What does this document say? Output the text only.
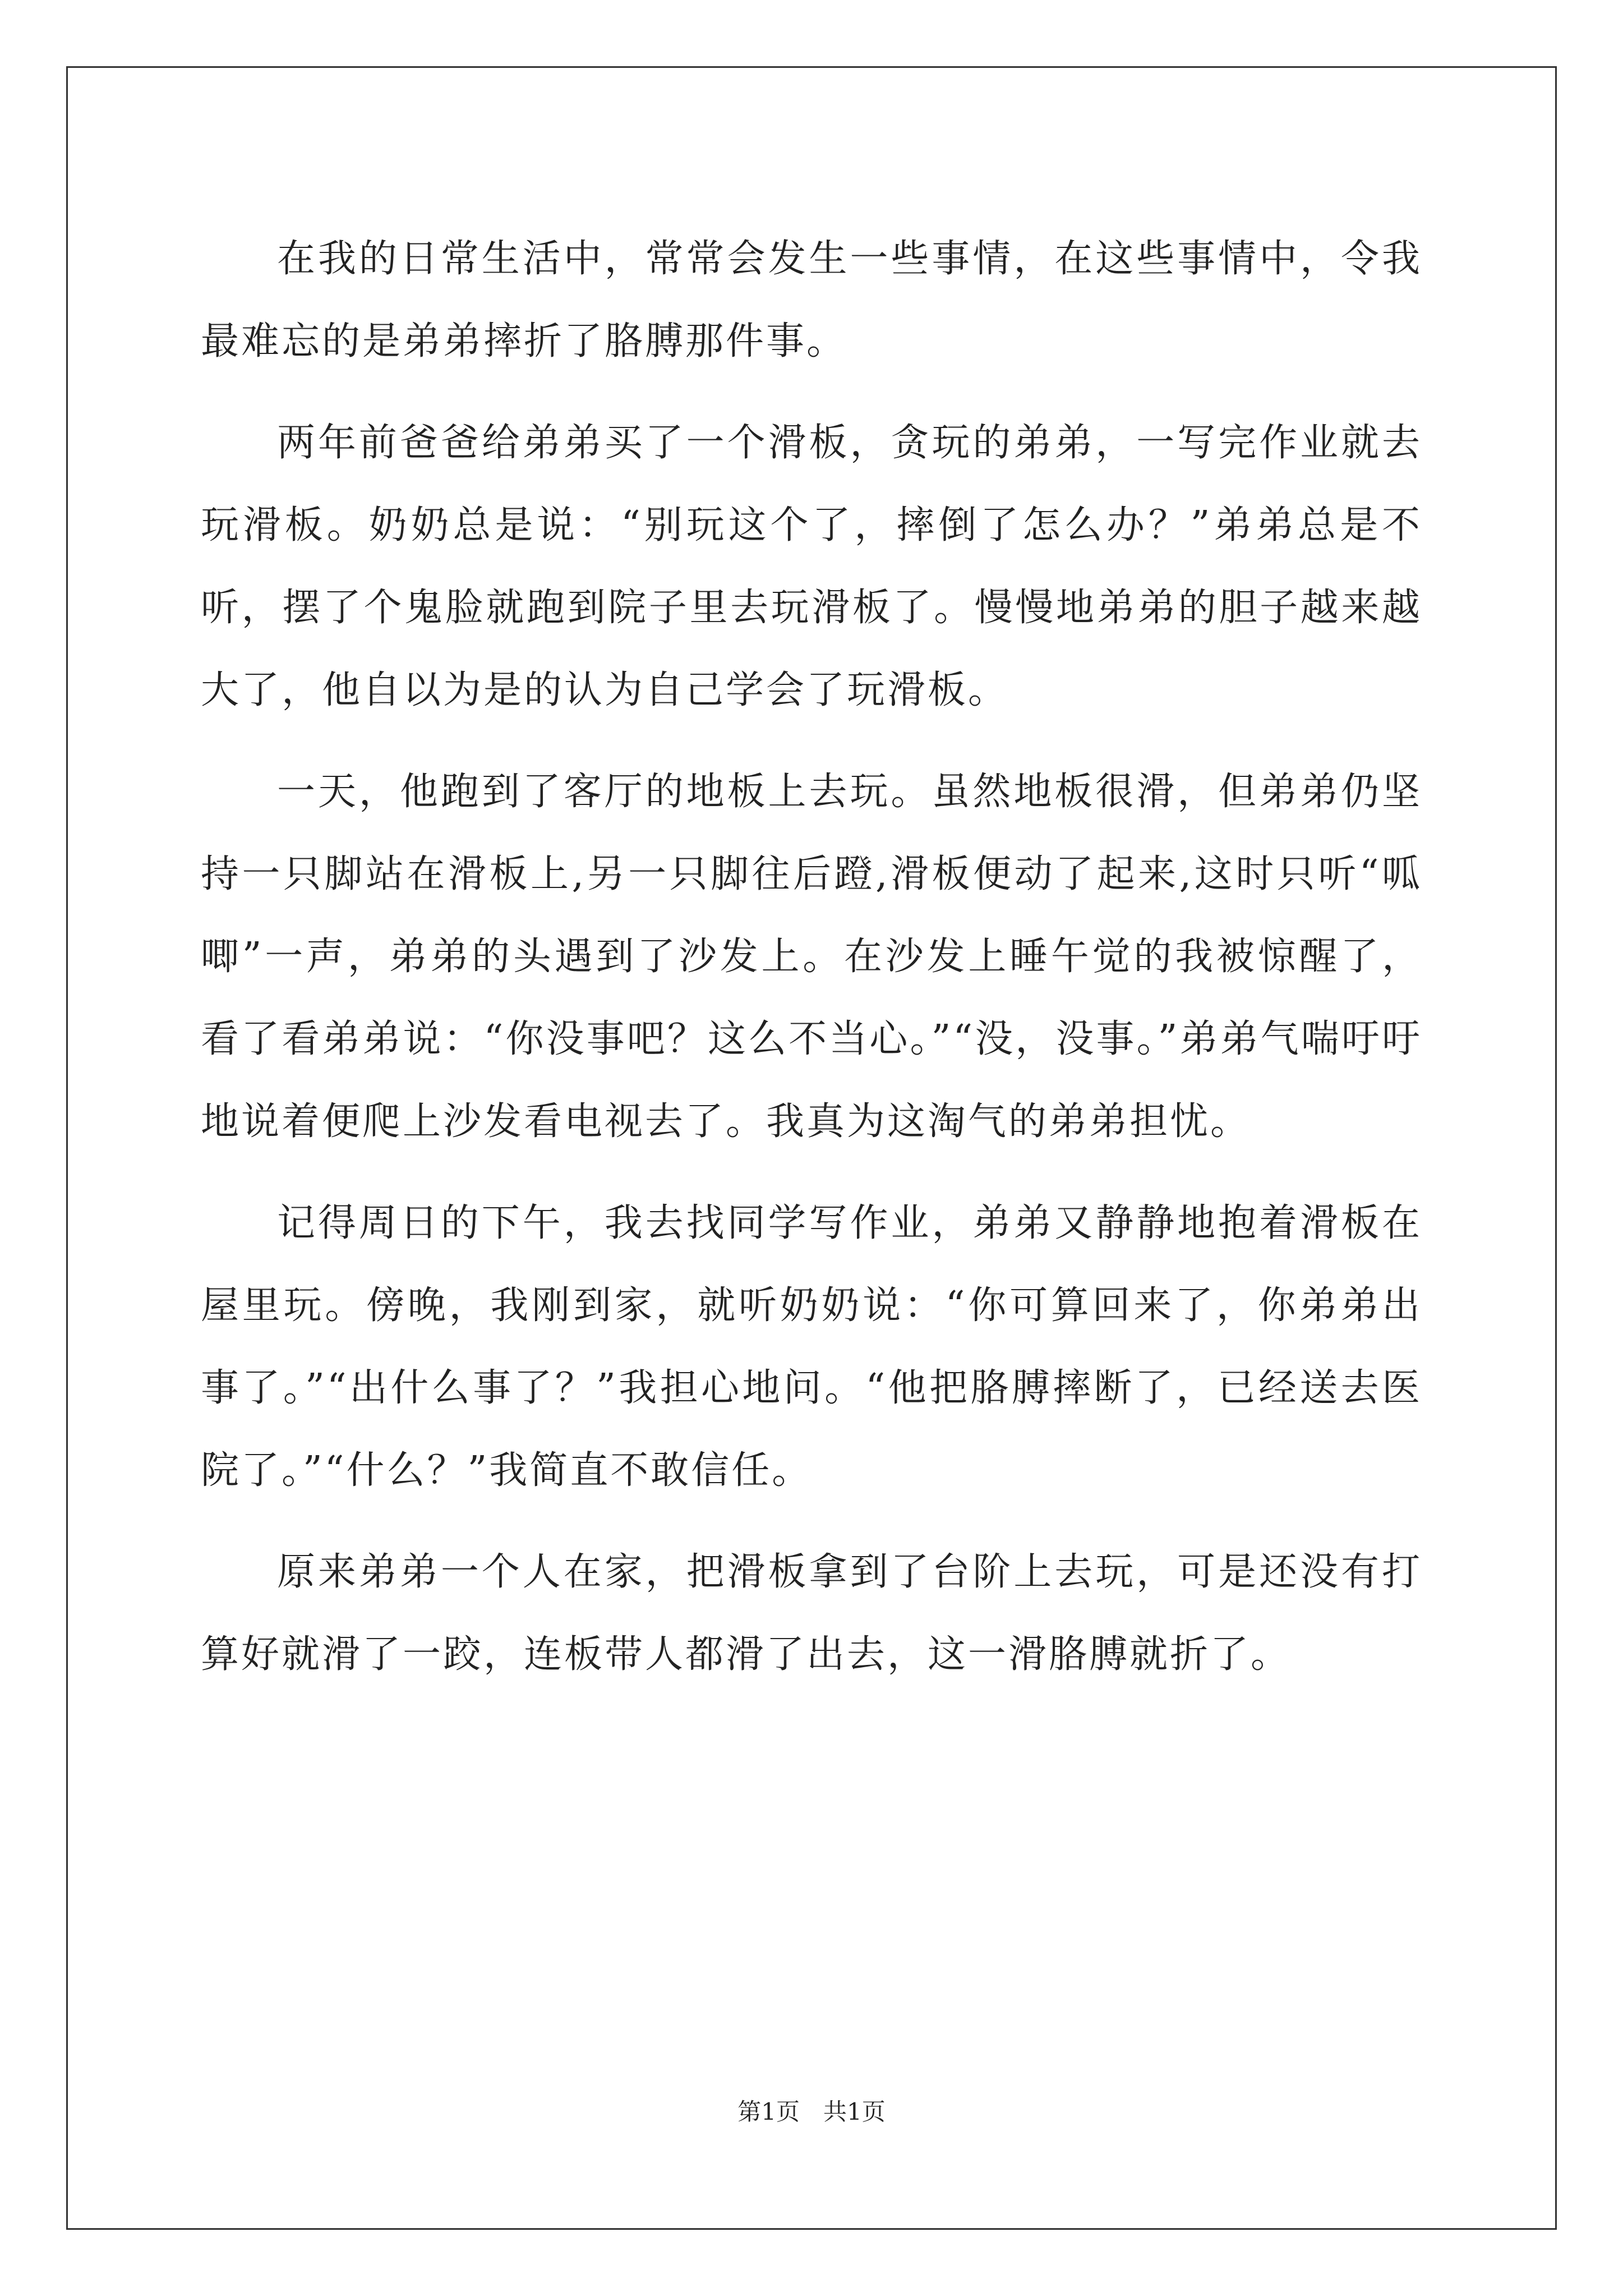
在我的日常生活中，常常会发生一些事情，在这些事情中，令我最难忘的是弟弟摔折了胳膊那件事。

两年前爸爸给弟弟买了一个滑板，贪玩的弟弟，一写完作业就去玩滑板。奶奶总是说：“别玩这个了，摔倒了怎么办？”弟弟总是不听，摆了个鬼脸就跑到院子里去玩滑板了。慢慢地弟弟的胆子越来越大了，他自以为是的认为自己学会了玩滑板。

一天，他跑到了客厅的地板上去玩。虽然地板很滑，但弟弟仍坚持一只脚站在滑板上,另一只脚往后蹬,滑板便动了起来,这时只听“呱唧”一声，弟弟的头遇到了沙发上。在沙发上睡午觉的我被惊醒了，看了看弟弟说：“你没事吧？这么不当心。”“没，没事。”弟弟气喘吁吁地说着便爬上沙发看电视去了。我真为这淘气的弟弟担忧。

记得周日的下午，我去找同学写作业，弟弟又静静地抱着滑板在屋里玩。傍晚，我刚到家，就听奶奶说：“你可算回来了，你弟弟出事了。”“出什么事了？”我担心地问。“他把胳膊摔断了，已经送去医院了。”“什么？”我简直不敢信任。

原来弟弟一个人在家，把滑板拿到了台阶上去玩，可是还没有打算好就滑了一跤，连板带人都滑了出去，这一滑胳膊就折了。

第1页　共1页
